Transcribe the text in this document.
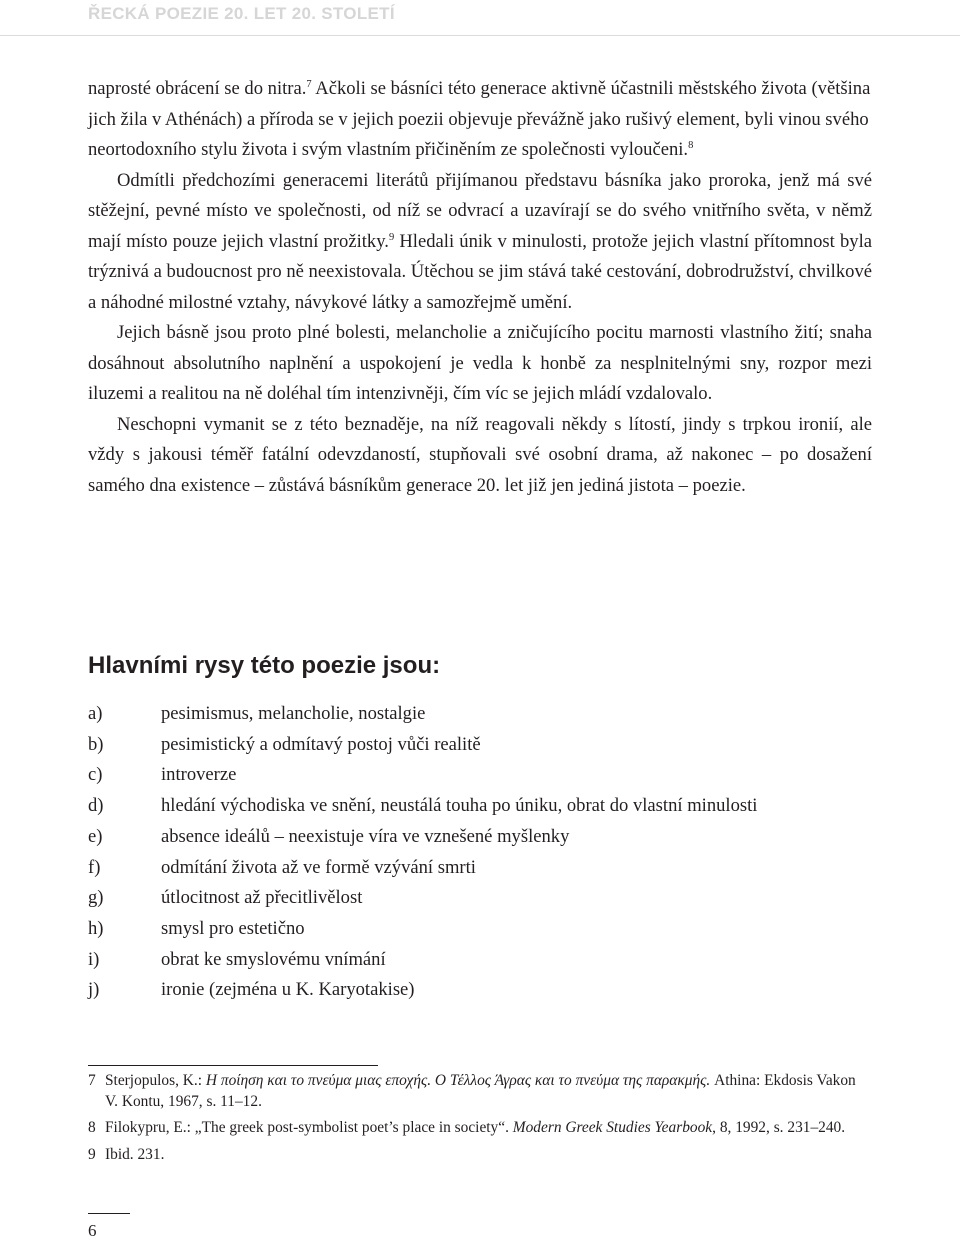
ŘECKÁ POEZIE 20. LET 20. STOLETÍ

naprosté obrácení se do nitra.$^7$ Ačkoli se básníci této generace aktivně účastnili městského života (většina jich žila v Athénách) a příroda se v jejich poezii objevuje převážně jako rušivý element, byli vinou svého neortodoxního stylu života i svým vlastním přičiněním ze společnosti vyloučeni.$^8$

Odmítli předchozími generacemi literátů přijímanou představu básníka jako proroka, jenž má své stěžejní, pevné místo ve společnosti, od níž se odvrací a uzavírají se do svého vnitřního světa, v němž mají místo pouze jejich vlastní prožitky.$^9$ Hledali únik v minulosti, protože jejich vlastní přítomnost byla trýznivá a budoucnost pro ně neexistovala. Útěchou se jim stává také cestování, dobrodružství, chvilkové a náhodné milostné vztahy, návykové látky a samozřejmě umění.

Jejich básně jsou proto plné bolesti, melancholie a zničujícího pocitu marnosti vlastního žití; snaha dosáhnout absolutního naplnění a uspokojení je vedla k honbě za nesplnitelnými sny, rozpor mezi iluzemi a realitou na ně doléhal tím intenzivněji, čím víc se jejich mládí vzdalovalo.

Neschopni vymanit se z této beznaděje, na níž reagovali někdy s lítostí, jindy s trpkou ironií, ale vždy s jakousi téměř fatální odevzdaností, stupňovali své osobní drama, až nakonec – po dosažení samého dna existence – zůstává básníkům generace 20. let již jen jediná jistota – poezie.

Hlavními rysy této poezie jsou:
a)	pesimismus, melancholie, nostalgie
b)	pesimistický a odmítavý postoj vůči realitě
c)	introverze
d)	hledání východiska ve snění, neustálá touha po úniku, obrat do vlastní minulosti
e)	absence ideálů – neexistuje víra ve vznešené myšlenky
f)	odmítání života až ve formě vzývání smrti
g)	útlocitnost až přecitlivělost
h)	smysl pro estetično
i)	obrat ke smyslovému vnímání
j)	ironie (zejména u K. Karyotakise)
7 Sterjopulos, K.: Η ποίηση και το πνεύμα μιας εποχής. Ο Τέλλος Άγρας και το πνεύμα της παρακμής. Athina: Ekdosis Vakon V. Kontu, 1967, s. 11–12.
8 Filokypru, E.: „The greek post-symbolist poet’s place in society“. Modern Greek Studies Yearbook, 8, 1992, s. 231–240.
9 Ibid. 231.
6
